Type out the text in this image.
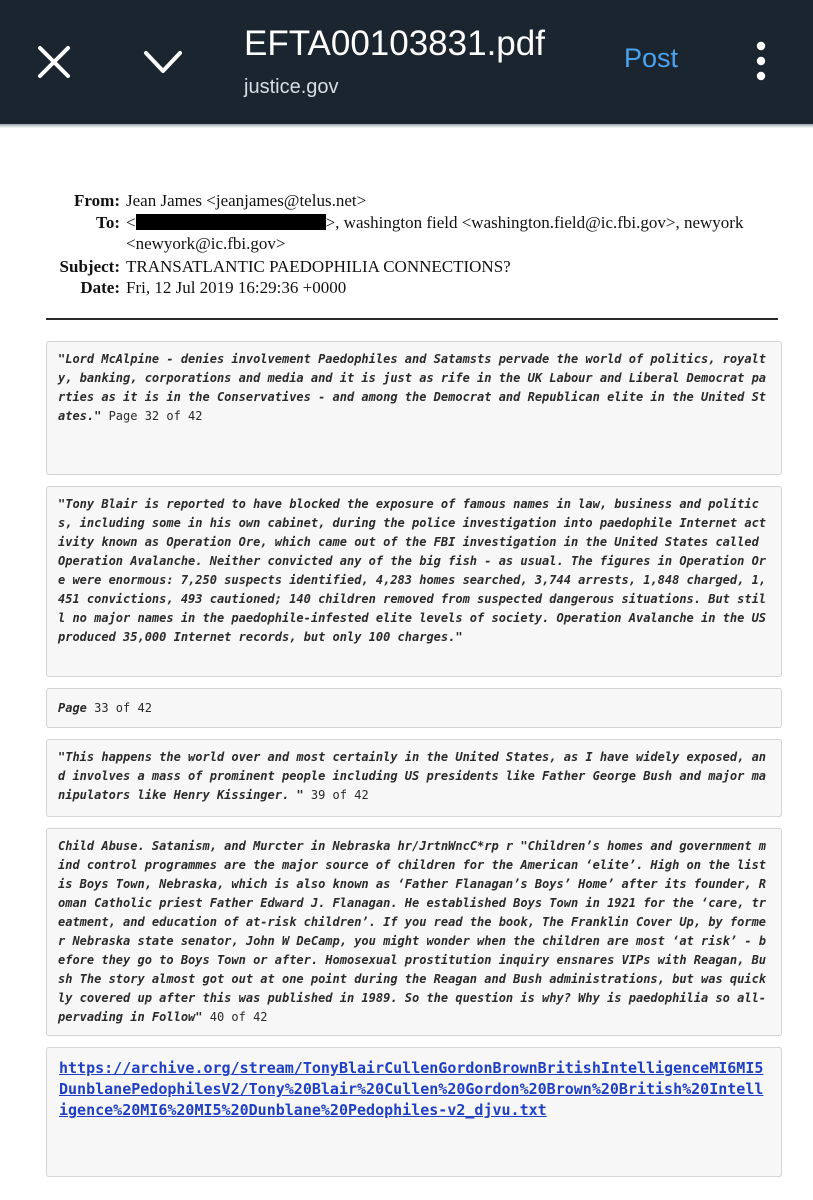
EFTA00103831.pdf
justice.gov
Post
From: Jean James <jeanjames@telus.net>
To: <	>, washington field <washington.field@ic.fbi.gov>, newyork
<newyork@ic.fbi.gov>
Subject: TRANSATLANTIC PAEDOPHILIA CONNECTIONS?
Date: Fri, 12 Jul 2019 16:29:36 +0000
"Lord McAlpine - denies involvement Paedophiles and Satamsts pervade the world of politics, royalty, banking, corporations and media and it is just as rife in the UK Labour and Liberal Democrat parties as it is in the Conservatives - and among the Democrat and Republican elite in the United States." Page 32 of 42
"Tony Blair is reported to have blocked the exposure of famous names in law, business and politics, including some in his own cabinet, during the police investigation into paedophile Internet activity known as Operation Ore, which came out of the FBI investigation in the United States called Operation Avalanche. Neither convicted any of the big fish - as usual. The figures in Operation Ore were enormous: 7,250 suspects identified, 4,283 homes searched, 3,744 arrests, 1,848 charged, 1,451 convictions, 493 cautioned; 140 children removed from suspected dangerous situations. But still no major names in the paedophile-infested elite levels of society. Operation Avalanche in the US produced 35,000 Internet records, but only 100 charges."
Page 33 of 42
"This happens the world over and most certainly in the United States, as I have widely exposed, and involves a mass of prominent people including US presidents like Father George Bush and major manipulators like Henry Kissinger. " 39 of 42
Child Abuse. Satanism, and Murcter in Nebraska hr/JrtnWncC*rp r "Children’s homes and government mind control programmes are the major source of children for the American ‘elite’. High on the list is Boys Town, Nebraska, which is also known as ‘Father Flanagan’s Boys’ Home’ after its founder, Roman Catholic priest Father Edward J. Flanagan. He established Boys Town in 1921 for the ‘care, treatment, and education of at-risk children’. If you read the book, The Franklin Cover Up, by former Nebraska state senator, John W DeCamp, you might wonder when the children are most ‘at risk’ - before they go to Boys Town or after. Homosexual prostitution inquiry ensnares VIPs with Reagan, Bush The story almost got out at one point during the Reagan and Bush administrations, but was quickly covered up after this was published in 1989. So the question is why? Why is paedophilia so all-pervading in Follow" 40 of 42
https://archive.org/stream/TonyBlairCullenGordonBrownBritishIntelligenceMI6MI5DunblanePedophilesV2/Tony%20Blair%20Cullen%20Gordon%20Brown%20British%20Intelligence%20MI6%20MI5%20Dunblane%20Pedophiles-v2_djvu.txt
